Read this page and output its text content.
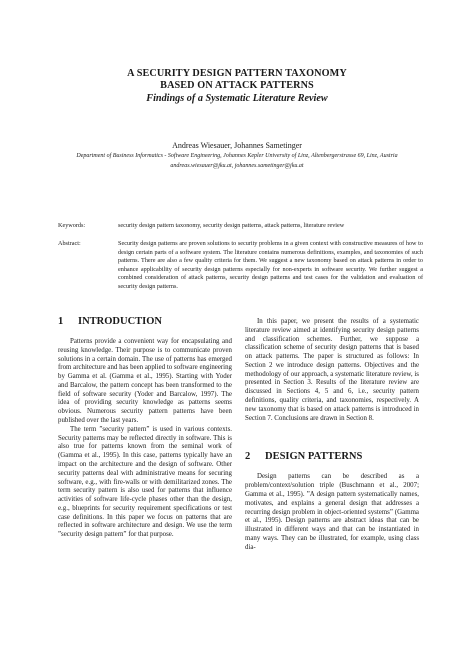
A SECURITY DESIGN PATTERN TAXONOMY
BASED ON ATTACK PATTERNS
Findings of a Systematic Literature Review
Andreas Wiesauer, Johannes Sametinger
Department of Business Informatics - Software Engineering, Johannes Kepler University of Linz, Altenbergerstrasse 69, Linz, Austria
andreas.wiesauer@jku.at, johannes.sametinger@jku.at
Keywords:	security design pattern taxonomy, security design patterns, attack patterns, literature review
Abstract:	Security design patterns are proven solutions to security problems in a given context with constructive measures of how to design certain parts of a software system. The literature contains numerous definitions, examples, and taxonomies of such patterns. There are also a few quality criteria for them. We suggest a new taxonomy based on attack patterns in order to enhance applicability of security design patterns especially for non-experts in software security. We further suggest a combined consideration of attack patterns, security design patterns and test cases for the validation and evaluation of security design patterns.
1 INTRODUCTION
Patterns provide a convenient way for encapsulating and reusing knowledge. Their purpose is to communicate proven solutions in a certain domain. The use of patterns has emerged from architecture and has been applied to software engineering by Gamma et al. (Gamma et al., 1995). Starting with Yoder and Barcalow, the pattern concept has been transformed to the field of software security (Yoder and Barcalow, 1997). The idea of providing security knowledge as patterns seems obvious. Numerous security pattern patterns have been published over the last years.
The term ”security pattern” is used in various contexts. Security patterns may be reflected directly in software. This is also true for patterns known from the seminal work of (Gamma et al., 1995). In this case, patterns typically have an impact on the architecture and the design of software. Other security patterns deal with administrative means for securing software, e.g., with fire-walls or with demilitarized zones. The term security pattern is also used for patterns that influence activities of software life-cycle phases other than the design, e.g., blueprints for security requirement specifications or test case definitions. In this paper we focus on patterns that are reflected in software architecture and design. We use the term ”security design pattern” for that purpose.
In this paper, we present the results of a systematic literature review aimed at identifying security design patterns and classification schemes. Further, we suppose a classification scheme of security design patterns that is based on attack patterns. The paper is structured as follows: In Section 2 we introduce design patterns. Objectives and the methodology of our approach, a systematic literature review, is presented in Section 3. Results of the literature review are discussed in Sections 4, 5 and 6, i.e., security pattern definitions, quality criteria, and taxonomies, respectively. A new taxonomy that is based on attack patterns is introduced in Section 7. Conclusions are drawn in Section 8.
2 DESIGN PATTERNS
Design patterns can be described as a problem/context/solution triple (Buschmann et al., 2007; Gamma et al., 1995). ”A design pattern systematically names, motivates, and explains a general design that addresses a recurring design problem in object-oriented systems” (Gamma et al., 1995). Design patterns are abstract ideas that can be illustrated in different ways and that can be instantiated in many ways. They can be illustrated, for example, using class dia-
